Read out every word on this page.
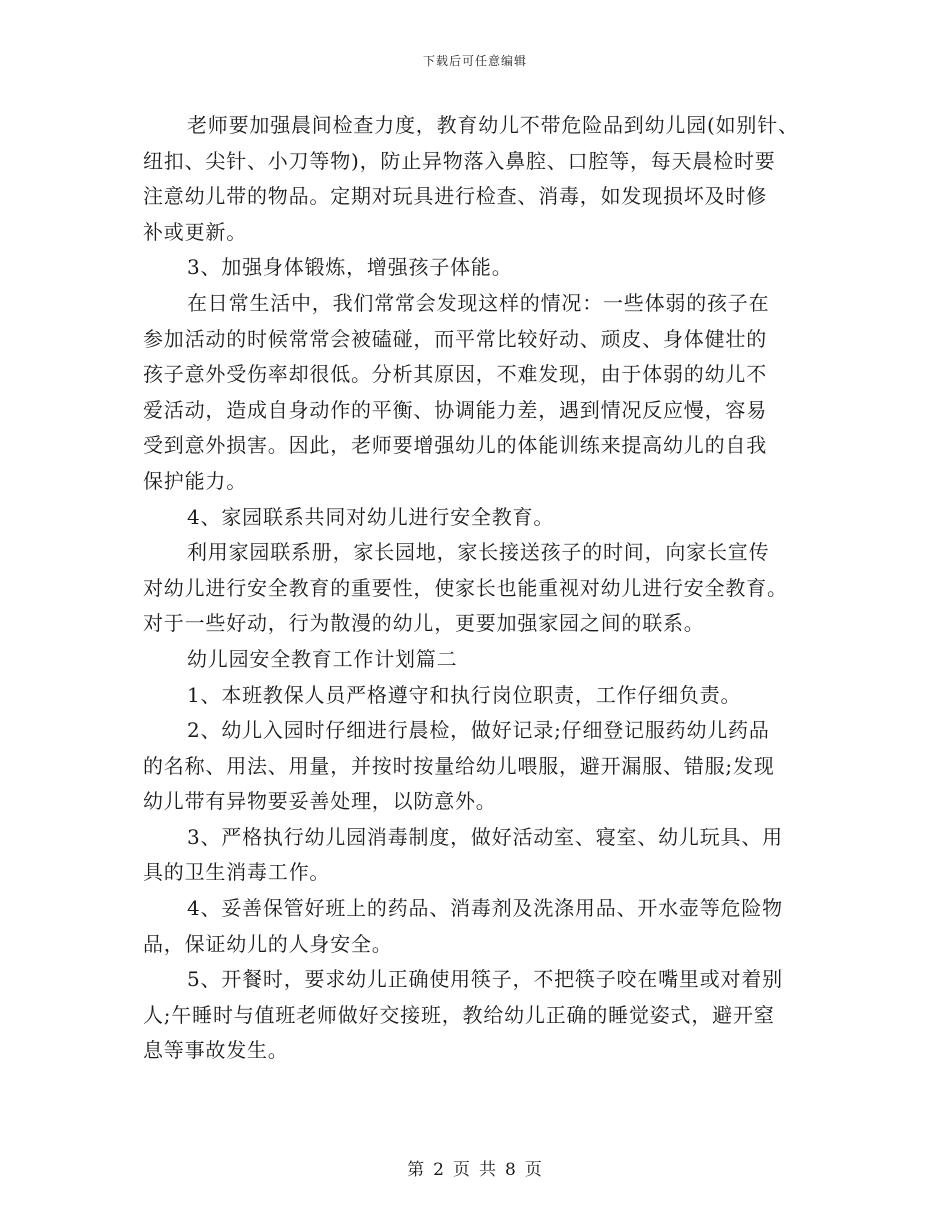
下载后可任意编辑
老师要加强晨间检查力度，教育幼儿不带危险品到幼儿园(如别针、
纽扣、尖针、小刀等物)，防止异物落入鼻腔、口腔等，每天晨检时要
注意幼儿带的物品。定期对玩具进行检查、消毒，如发现损坏及时修
补或更新。
3、加强身体锻炼，增强孩子体能。
在日常生活中，我们常常会发现这样的情况：一些体弱的孩子在
参加活动的时候常常会被磕碰，而平常比较好动、顽皮、身体健壮的
孩子意外受伤率却很低。分析其原因，不难发现，由于体弱的幼儿不
爱活动，造成自身动作的平衡、协调能力差，遇到情况反应慢，容易
受到意外损害。因此，老师要增强幼儿的体能训练来提高幼儿的自我
保护能力。
4、家园联系共同对幼儿进行安全教育。
利用家园联系册，家长园地，家长接送孩子的时间，向家长宣传
对幼儿进行安全教育的重要性，使家长也能重视对幼儿进行安全教育。
对于一些好动，行为散漫的幼儿，更要加强家园之间的联系。
幼儿园安全教育工作计划篇二
1、本班教保人员严格遵守和执行岗位职责，工作仔细负责。
2、幼儿入园时仔细进行晨检，做好记录;仔细登记服药幼儿药品
的名称、用法、用量，并按时按量给幼儿喂服，避开漏服、错服;发现
幼儿带有异物要妥善处理，以防意外。
3、严格执行幼儿园消毒制度，做好活动室、寝室、幼儿玩具、用
具的卫生消毒工作。
4、妥善保管好班上的药品、消毒剂及洗涤用品、开水壶等危险物
品，保证幼儿的人身安全。
5、开餐时，要求幼儿正确使用筷子，不把筷子咬在嘴里或对着别
人;午睡时与值班老师做好交接班，教给幼儿正确的睡觉姿式，避开窒
息等事故发生。
第 2 页 共 8 页
